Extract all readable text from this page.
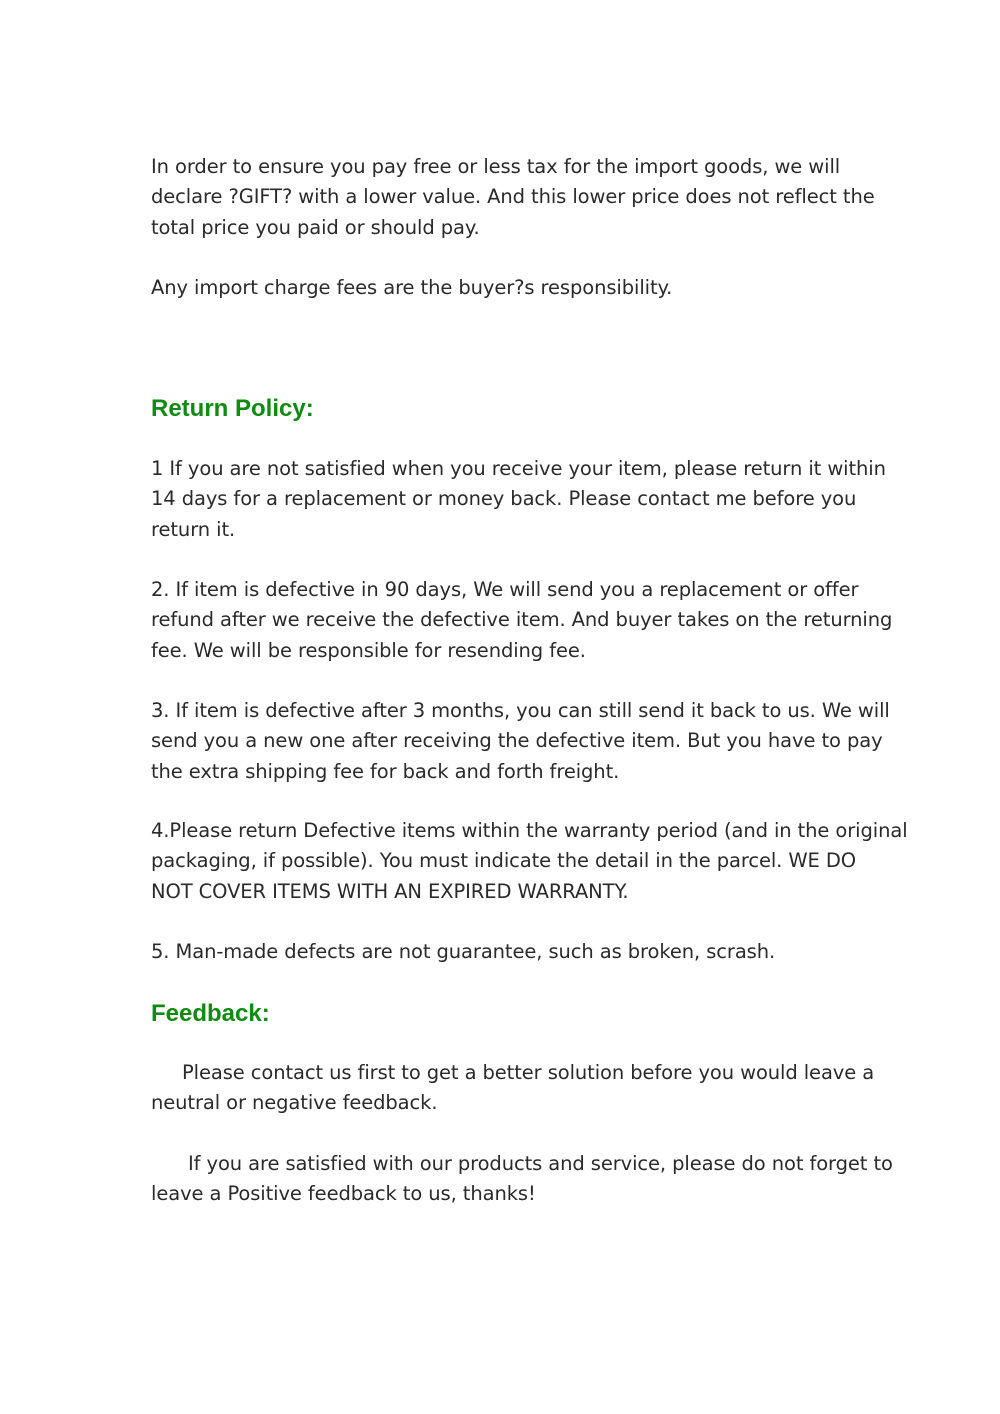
In order to ensure you pay free or less tax for the import goods, we will
declare ?GIFT? with a lower value. And this lower price does not reflect the
total price you paid or should pay.

Any import charge fees are the buyer?s responsibility.

Return Policy:

1 If you are not satisfied when you receive your item, please return it within
14 days for a replacement or money back. Please contact me before you
return it.

2. If item is defective in 90 days, We will send you a replacement or offer
refund after we receive the defective item. And buyer takes on the returning
fee. We will be responsible for resending fee.

3. If item is defective after 3 months, you can still send it back to us. We will
send you a new one after receiving the defective item. But you have to pay
the extra shipping fee for back and forth freight.

4.Please return Defective items within the warranty period (and in the original
packaging, if possible). You must indicate the detail in the parcel. WE DO
NOT COVER ITEMS WITH AN EXPIRED WARRANTY.

5. Man-made defects are not guarantee, such as broken, scrash.

Feedback:

Please contact us first to get a better solution before you would leave a
neutral or negative feedback.

If you are satisfied with our products and service, please do not forget to
leave a Positive feedback to us, thanks!
